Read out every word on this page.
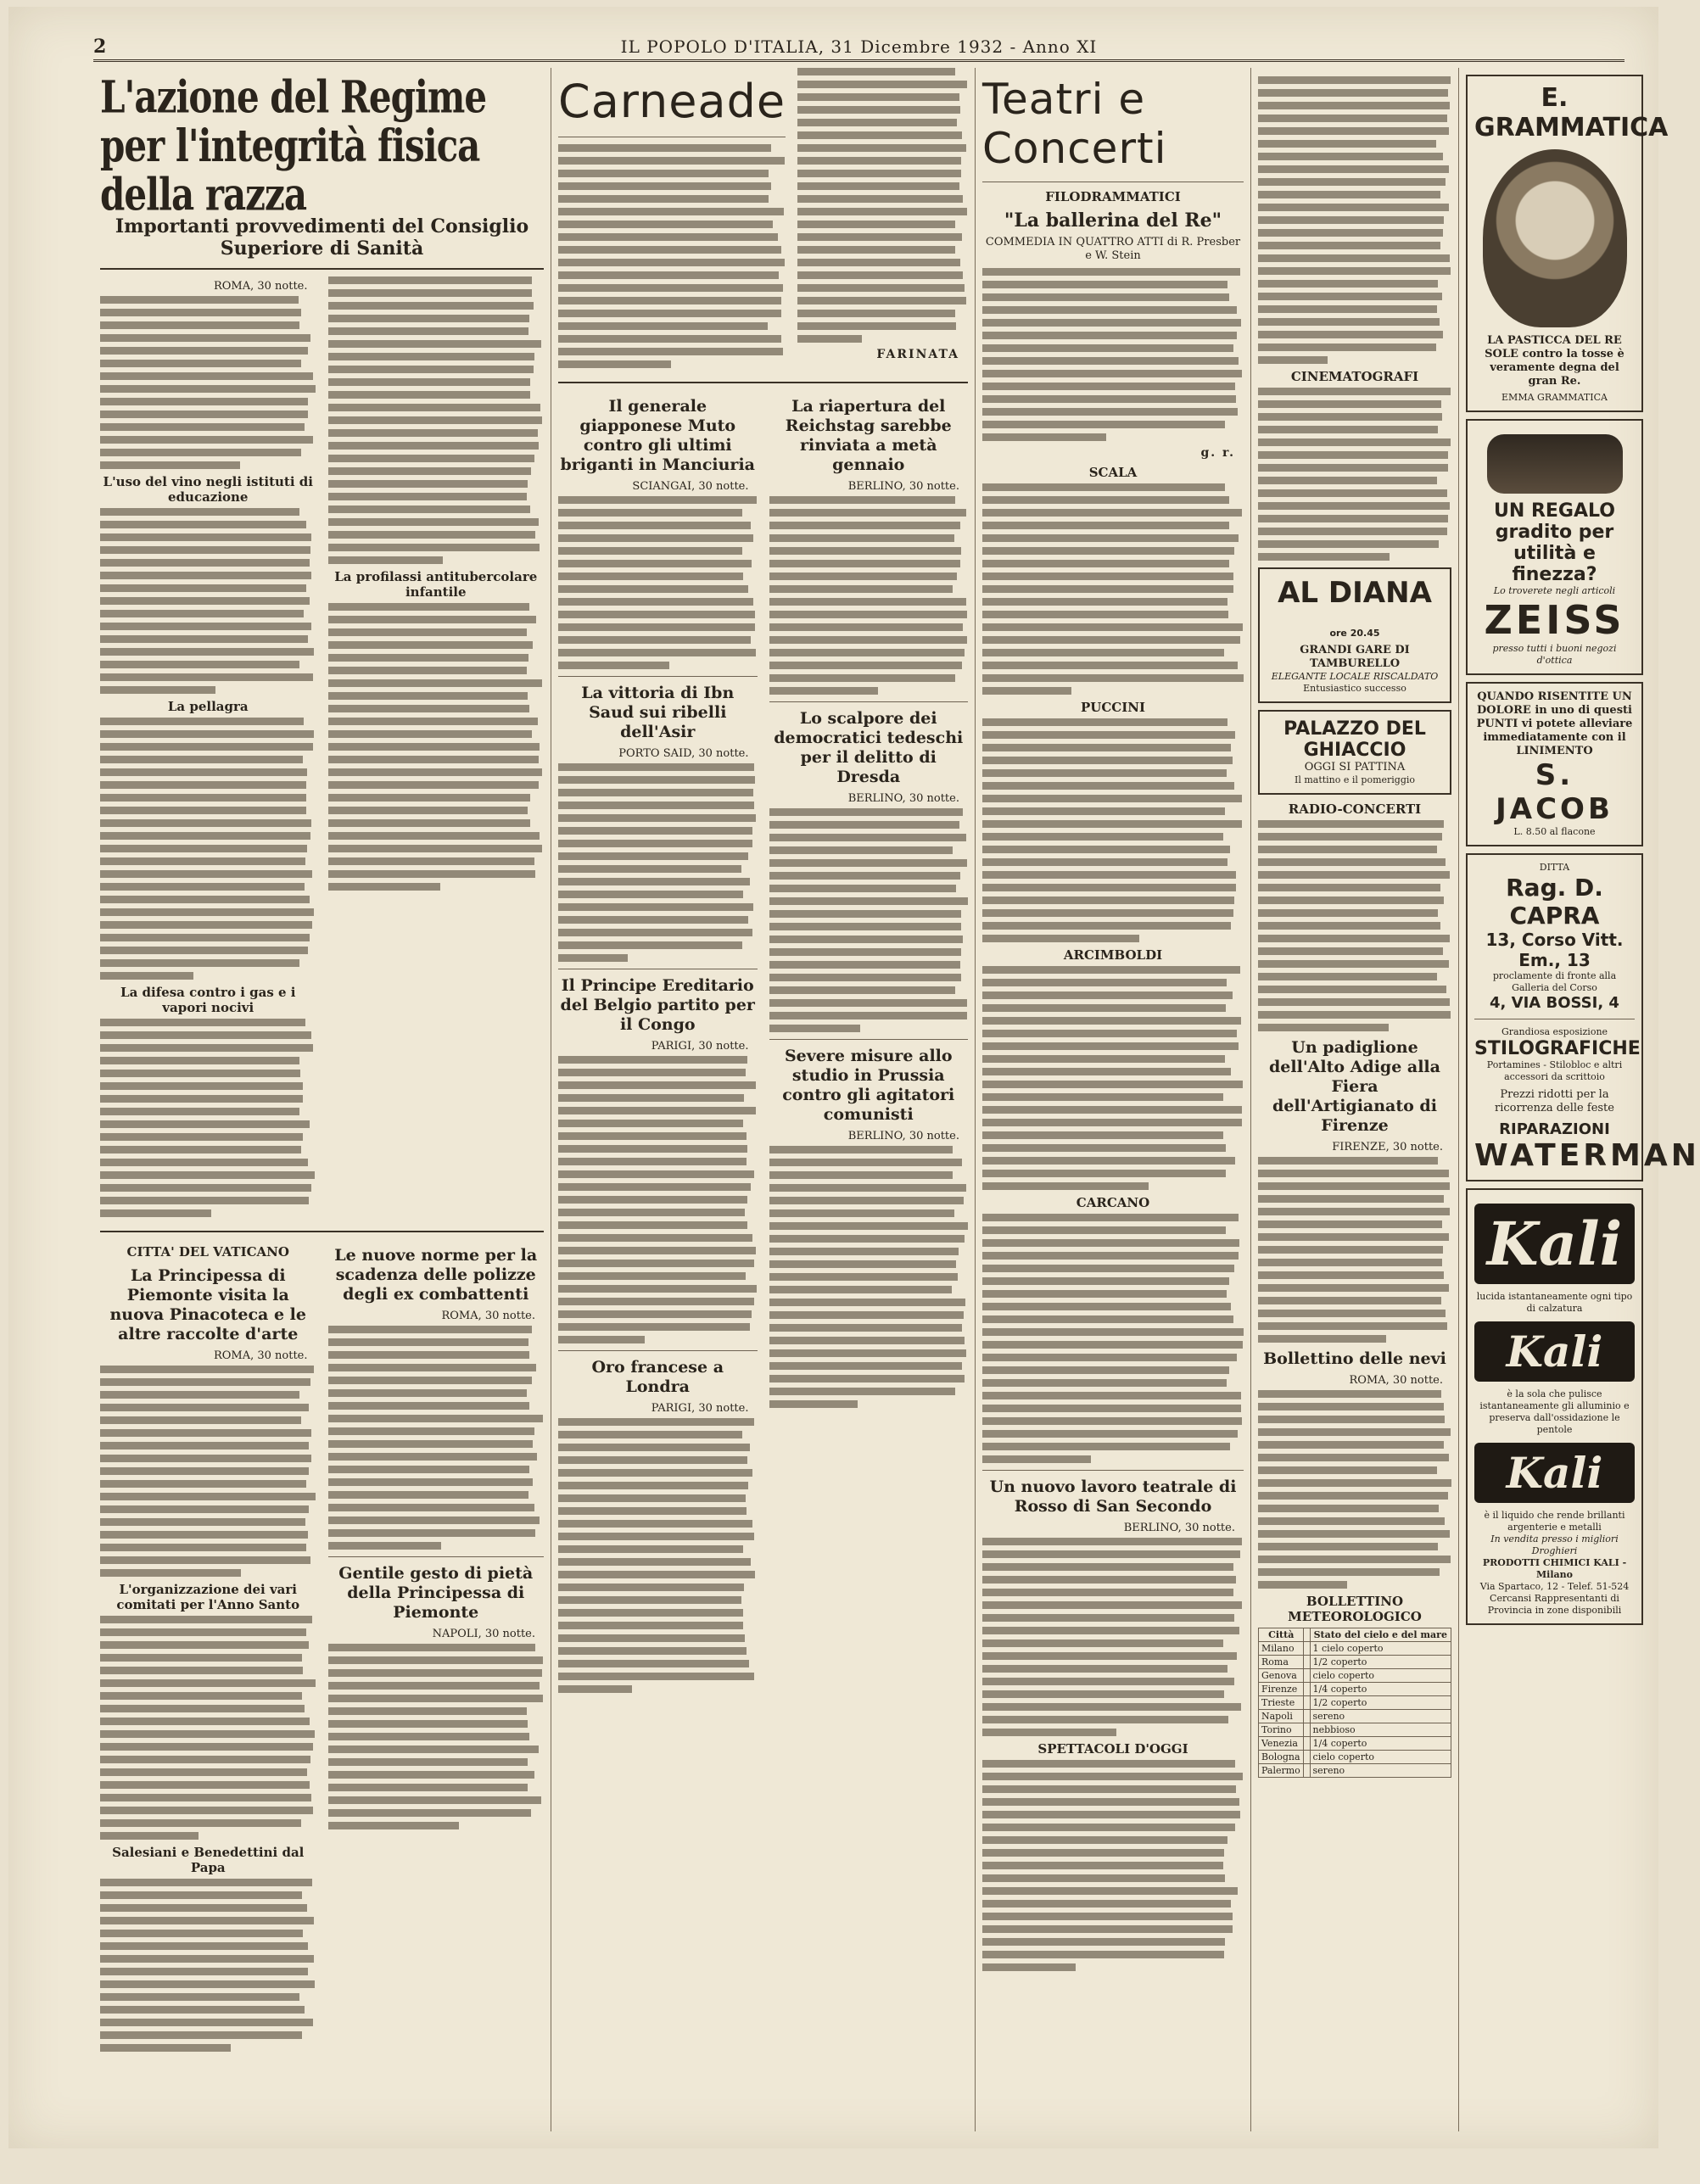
2	IL POPOLO D'ITALIA, 31 Dicembre 1932 - Anno XI
L'azione del Regime per l'integrità fisica della razza
Importanti provvedimenti del Consiglio Superiore di Sanità
ROMA, 30 notte.

L'uso del vino negli istituti di educazione

La pellagra

La difesa contro i gas e i vapori nocivi

La profilassi antitubercolare infantile

CITTA' DEL VATICANO
La Principessa di Piemonte visita la nuova Pinacoteca e le altre raccolte d'arte
ROMA, 30 notte.

L'organizzazione dei vari comitati per l'Anno Santo

Salesiani e Benedettini dal Papa

Le nuove norme per la scadenza delle polizze degli ex combattenti
ROMA, 30 notte.

Gentile gesto di pietà della Principessa di Piemonte
NAPOLI, 30 notte.

Carneade

FARINATA
Il generale giapponese Muto contro gli ultimi briganti in Manciuria
SCIANGAI, 30 notte.

La vittoria di Ibn Saud sui ribelli dell'Asir
PORTO SAID, 30 notte.

Il Principe Ereditario del Belgio partito per il Congo
PARIGI, 30 notte.

Oro francese a Londra
PARIGI, 30 notte.

La riapertura del Reichstag sarebbe rinviata a metà gennaio
BERLINO, 30 notte.

Lo scalpore dei democratici tedeschi per il delitto di Dresda
BERLINO, 30 notte.

Severe misure allo studio in Prussia contro gli agitatori comunisti
BERLINO, 30 notte.

Teatri e Concerti
FILODRAMMATICI
"La ballerina del Re"
COMMEDIA IN QUATTRO ATTI di R. Presber e W. Stein

g. r.
SCALA

PUCCINI

ARCIMBOLDI

CARCANO

Un nuovo lavoro teatrale di Rosso di San Secondo
BERLINO, 30 notte.

SPETTACOLI D'OGGI

CINEMATOGRAFI

AL DIANA ore 20.45
GRANDI GARE DI TAMBURELLO
ELEGANTE LOCALE RISCALDATO
Entusiastico successo
PALAZZO DEL GHIACCIO
OGGI SI PATTINA
Il mattino e il pomeriggio
RADIO-CONCERTI

Un padiglione dell'Alto Adige alla Fiera dell'Artigianato di Firenze
FIRENZE, 30 notte.

Bollettino delle nevi
ROMA, 30 notte.

BOLLETTINO METEOROLOGICO
Città		Stato del cielo e del mare
Milano		1 cielo coperto
Roma		1/2 coperto
Genova		cielo coperto
Firenze		1/4 coperto
Trieste		1/2 coperto
Napoli		sereno
Torino		nebbioso
Venezia		1/4 coperto
Bologna		cielo coperto
Palermo		sereno
E. GRAMMATICA
LA PASTICCA DEL RE SOLE contro la tosse è veramente degna del gran Re.
EMMA GRAMMATICA
UN REGALO gradito per utilità e finezza?
Lo troverete negli articoli
ZEISS
presso tutti i buoni negozi d'ottica
QUANDO RISENTITE UN DOLORE in uno di questi PUNTI vi potete alleviare immediatamente con il LINIMENTO
S. JACOB
L. 8.50 al flacone
DITTA
Rag. D. CAPRA
13, Corso Vitt. Em., 13
proclamente di fronte alla Galleria del Corso
4, VIA BOSSI, 4
Grandiosa esposizione
STILOGRAFICHE
Portamines - Stilobloc e altri accessori da scrittoio
Prezzi ridotti per la ricorrenza delle feste
RIPARAZIONI
WATERMAN
Kali
lucida istantaneamente ogni tipo di calzatura
Kali
è la sola che pulisce istantaneamente gli alluminio e preserva dall'ossidazione le pentole
Kali
è il liquido che rende brillanti argenterie e metalli
In vendita presso i migliori Droghieri
PRODOTTI CHIMICI KALI - Milano
Via Spartaco, 12 - Telef. 51-524
Cercansi Rappresentanti di Provincia in zone disponibili
